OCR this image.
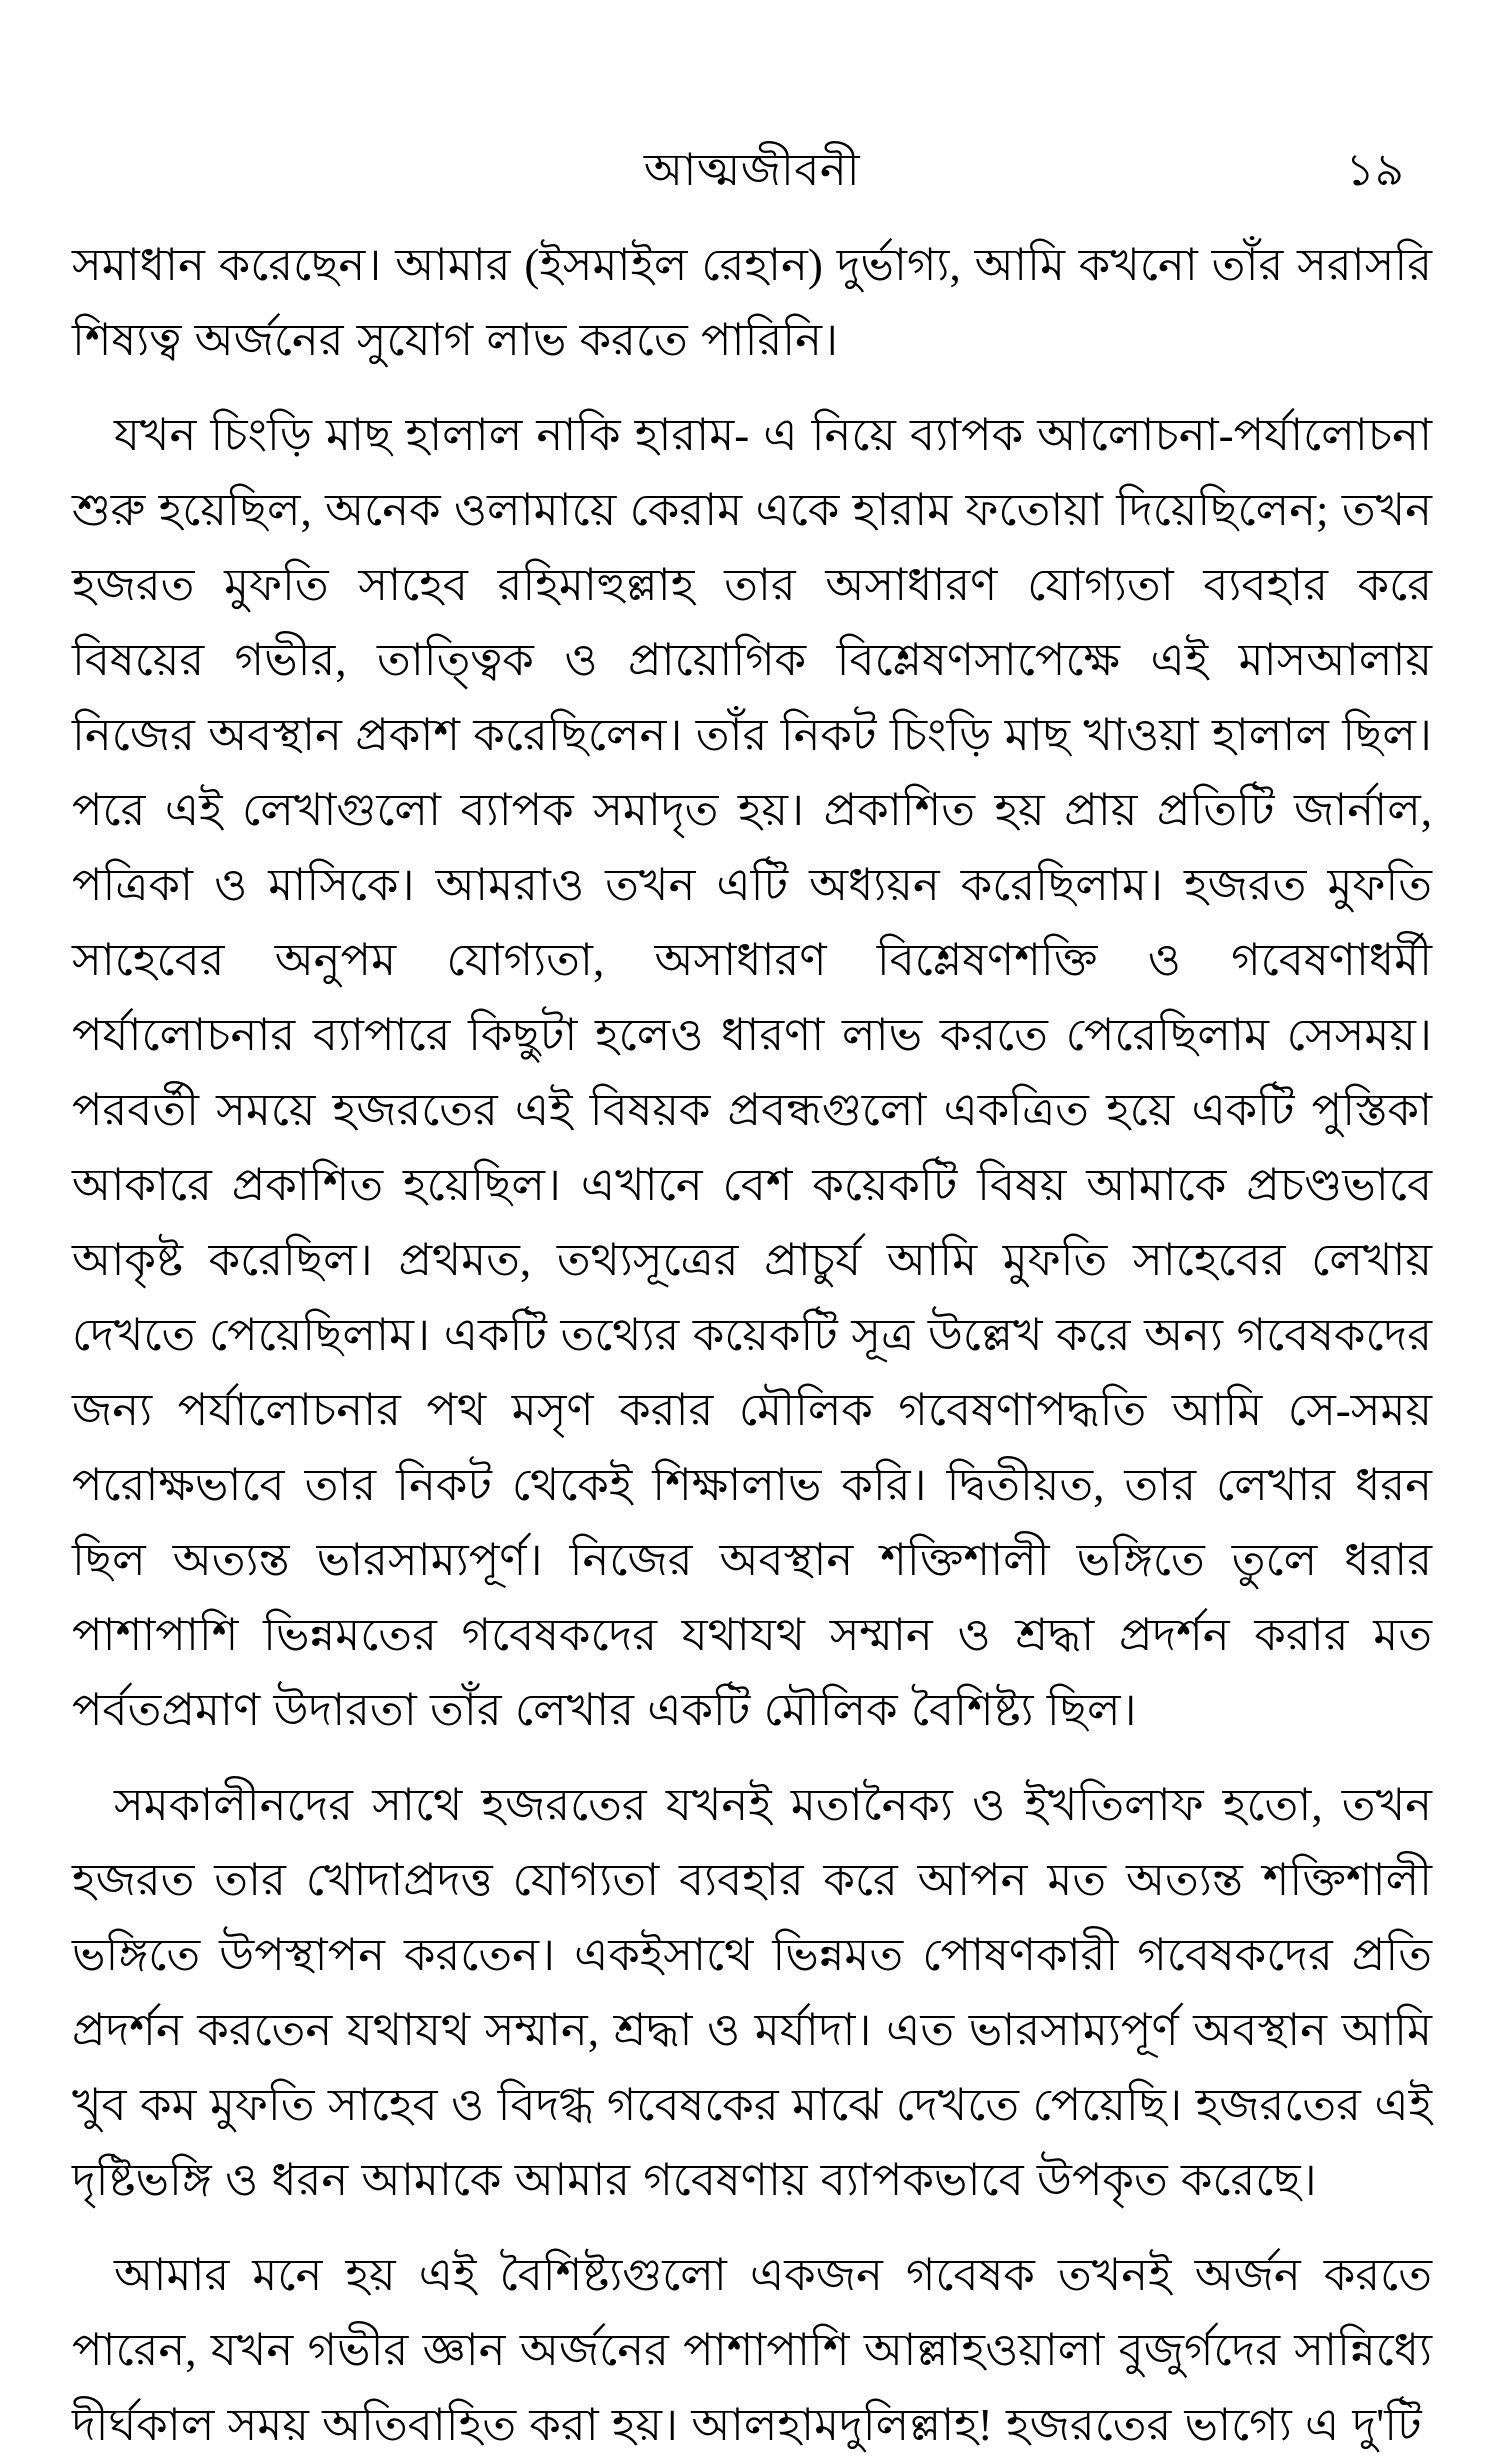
আত্মজীবনী	১৯

সমাধান করেছেন। আমার (ইসমাইল রেহান) দুর্ভাগ্য, আমি কখনো তাঁর সরাসরি শিষ্যত্ব অর্জনের সুযোগ লাভ করতে পারিনি।

যখন চিংড়ি মাছ হালাল নাকি হারাম- এ নিয়ে ব্যাপক আলোচনা-পর্যালোচনা শুরু হয়েছিল, অনেক ওলামায়ে কেরাম একে হারাম ফতোয়া দিয়েছিলেন; তখন হজরত মুফতি সাহেব রহিমাহুল্লাহ তার অসাধারণ যোগ্যতা ব্যবহার করে বিষয়ের গভীর, তাত্ত্বিক ও প্রায়োগিক বিশ্লেষণসাপেক্ষে এই মাসআলায় নিজের অবস্থান প্রকাশ করেছিলেন। তাঁর নিকট চিংড়ি মাছ খাওয়া হালাল ছিল। পরে এই লেখাগুলো ব্যাপক সমাদৃত হয়। প্রকাশিত হয় প্রায় প্রতিটি জার্নাল, পত্রিকা ও মাসিকে। আমরাও তখন এটি অধ্যয়ন করেছিলাম। হজরত মুফতি সাহেবের অনুপম যোগ্যতা, অসাধারণ বিশ্লেষণশক্তি ও গবেষণাধর্মী পর্যালোচনার ব্যাপারে কিছুটা হলেও ধারণা লাভ করতে পেরেছিলাম সেসময়। পরবর্তী সময়ে হজরতের এই বিষয়ক প্রবন্ধগুলো একত্রিত হয়ে একটি পুস্তিকা আকারে প্রকাশিত হয়েছিল। এখানে বেশ কয়েকটি বিষয় আমাকে প্রচণ্ডভাবে আকৃষ্ট করেছিল। প্রথমত, তথ্যসূত্রের প্রাচুর্য আমি মুফতি সাহেবের লেখায় দেখতে পেয়েছিলাম। একটি তথ্যের কয়েকটি সূত্র উল্লেখ করে অন্য গবেষকদের জন্য পর্যালোচনার পথ মসৃণ করার মৌলিক গবেষণাপদ্ধতি আমি সে-সময় পরোক্ষভাবে তার নিকট থেকেই শিক্ষালাভ করি। দ্বিতীয়ত, তার লেখার ধরন ছিল অত্যন্ত ভারসাম্যপূর্ণ। নিজের অবস্থান শক্তিশালী ভঙ্গিতে তুলে ধরার পাশাপাশি ভিন্নমতের গবেষকদের যথাযথ সম্মান ও শ্রদ্ধা প্রদর্শন করার মত পর্বতপ্রমাণ উদারতা তাঁর লেখার একটি মৌলিক বৈশিষ্ট্য ছিল।

সমকালীনদের সাথে হজরতের যখনই মতানৈক্য ও ইখতিলাফ হতো, তখন হজরত তার খোদাপ্রদত্ত যোগ্যতা ব্যবহার করে আপন মত অত্যন্ত শক্তিশালী ভঙ্গিতে উপস্থাপন করতেন। একইসাথে ভিন্নমত পোষণকারী গবেষকদের প্রতি প্রদর্শন করতেন যথাযথ সম্মান, শ্রদ্ধা ও মর্যাদা। এত ভারসাম্যপূর্ণ অবস্থান আমি খুব কম মুফতি সাহেব ও বিদগ্ধ গবেষকের মাঝে দেখতে পেয়েছি। হজরতের এই দৃষ্টিভঙ্গি ও ধরন আমাকে আমার গবেষণায় ব্যাপকভাবে উপকৃত করেছে।

আমার মনে হয় এই বৈশিষ্ট্যগুলো একজন গবেষক তখনই অর্জন করতে পারেন, যখন গভীর জ্ঞান অর্জনের পাশাপাশি আল্লাহওয়ালা বুজুর্গদের সান্নিধ্যে দীর্ঘকাল সময় অতিবাহিত করা হয়। আলহামদুলিল্লাহ! হজরতের ভাগ্যে এ দু'টি
